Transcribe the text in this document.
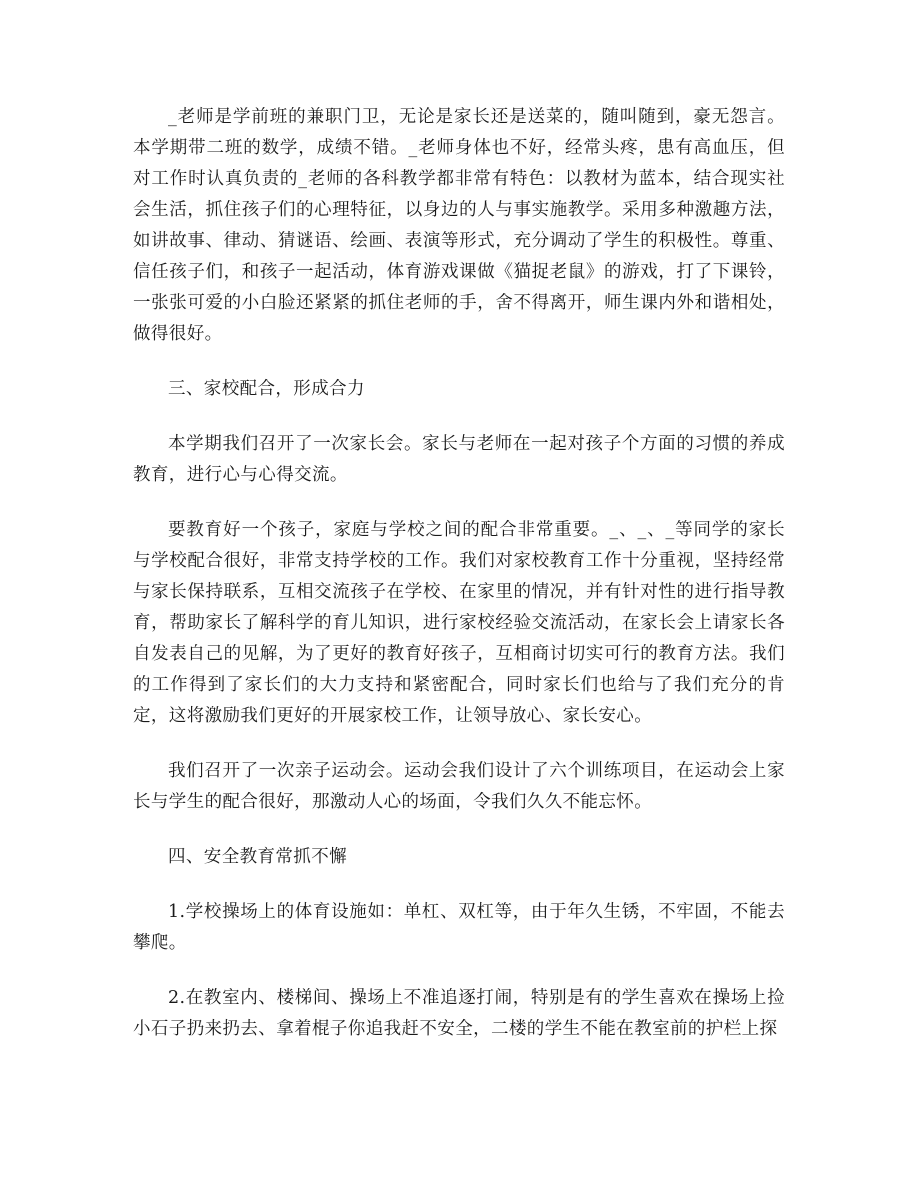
_老师是学前班的兼职门卫，无论是家长还是送菜的，随叫随到，豪无怨言。本学期带二班的数学，成绩不错。_老师身体也不好，经常头疼，患有高血压，但对工作时认真负责的_老师的各科教学都非常有特色：以教材为蓝本，结合现实社会生活，抓住孩子们的心理特征，以身边的人与事实施教学。采用多种激趣方法，如讲故事、律动、猜谜语、绘画、表演等形式，充分调动了学生的积极性。尊重、信任孩子们，和孩子一起活动，体育游戏课做《猫捉老鼠》的游戏，打了下课铃，一张张可爱的小白脸还紧紧的抓住老师的手，舍不得离开，师生课内外和谐相处，做得很好。

三、家校配合，形成合力

本学期我们召开了一次家长会。家长与老师在一起对孩子个方面的习惯的养成教育，进行心与心得交流。

要教育好一个孩子，家庭与学校之间的配合非常重要。_、_、_等同学的家长与学校配合很好，非常支持学校的工作。我们对家校教育工作十分重视，坚持经常与家长保持联系，互相交流孩子在学校、在家里的情况，并有针对性的进行指导教育，帮助家长了解科学的育儿知识，进行家校经验交流活动，在家长会上请家长各自发表自己的见解，为了更好的教育好孩子，互相商讨切实可行的教育方法。我们的工作得到了家长们的大力支持和紧密配合，同时家长们也给与了我们充分的肯定，这将激励我们更好的开展家校工作，让领导放心、家长安心。

我们召开了一次亲子运动会。运动会我们设计了六个训练项目，在运动会上家长与学生的配合很好，那激动人心的场面，令我们久久不能忘怀。

四、安全教育常抓不懈

1.学校操场上的体育设施如：单杠、双杠等，由于年久生锈，不牢固，不能去攀爬。

2.在教室内、楼梯间、操场上不准追逐打闹，特别是有的学生喜欢在操场上捡小石子扔来扔去、拿着棍子你追我赶不安全，二楼的学生不能在教室前的护栏上探
